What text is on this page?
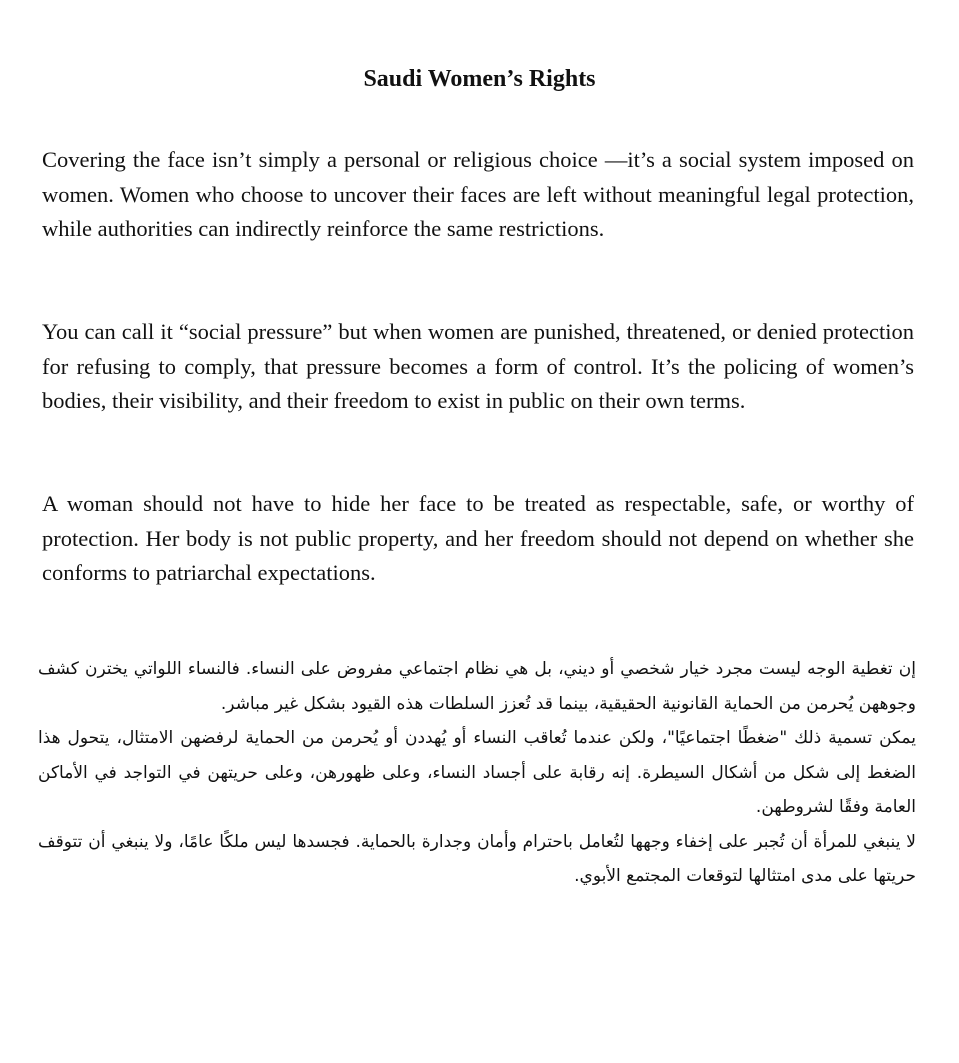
Saudi Women’s Rights

Covering the face isn’t simply a personal or religious choice —it’s a social system imposed on women. Women who choose to uncover their faces are left without meaningful legal protection, while authorities can indirectly reinforce the same restrictions.

You can call it “social pressure” but when women are punished, threatened, or denied protection for refusing to comply, that pressure becomes a form of control. It’s the policing of women’s bodies, their visibility, and their freedom to exist in public on their own terms.

A woman should not have to hide her face to be treated as respectable, safe, or worthy of protection. Her body is not public property, and her freedom should not depend on whether she conforms to patriarchal expectations.

إن تغطية الوجه ليست مجرد خيار شخصي أو ديني، بل هي نظام اجتماعي مفروض على النساء. فالنساء اللواتي يخترن كشف وجوههن يُحرمن من الحماية القانونية الحقيقية، بينما قد تُعزز السلطات هذه القيود بشكل غير مباشر.

يمكن تسمية ذلك "ضغطًا اجتماعيًا"، ولكن عندما تُعاقب النساء أو يُهددن أو يُحرمن من الحماية لرفضهن الامتثال، يتحول هذا الضغط إلى شكل من أشكال السيطرة. إنه رقابة على أجساد النساء، وعلى ظهورهن، وعلى حريتهن في التواجد في الأماكن العامة وفقًا لشروطهن.

لا ينبغي للمرأة أن تُجبر على إخفاء وجهها لتُعامل باحترام وأمان وجدارة بالحماية. فجسدها ليس ملكًا عامًا، ولا ينبغي أن تتوقف حريتها على مدى امتثالها لتوقعات المجتمع الأبوي.
